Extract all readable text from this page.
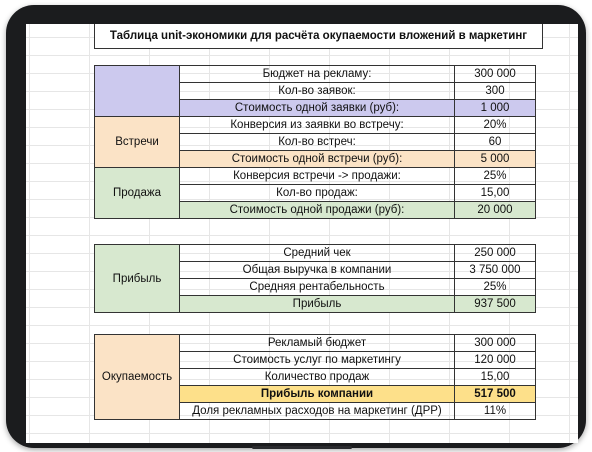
Таблица unit-экономики для расчёта окупаемости вложений в маркетинг
	Бюджет на рекламу:	300 000
	Кол-во заявок:	300
	Стоимость одной заявки (руб):	1 000
Встречи	Конверсия из заявки во встречу:	20%
	Кол-во встреч:	60
	Стоимость одной встречи (руб):	5 000
Продажа	Конверсия встречи -> продажи:	25%
	Кол-во продаж:	15,00
	Стоимость одной продажи (руб):	20 000
Прибыль	Средний чек	250 000
	Общая выручка в компании	3 750 000
	Средняя рентабельность	25%
	Прибыль	937 500
Окупаемость	Рекламый бюджет	300 000
	Стоимость услуг по маркетингу	120 000
	Количество продаж	15,00
	Прибыль компании	517 500
	Доля рекламных расходов на маркетинг (ДРР)	11%
